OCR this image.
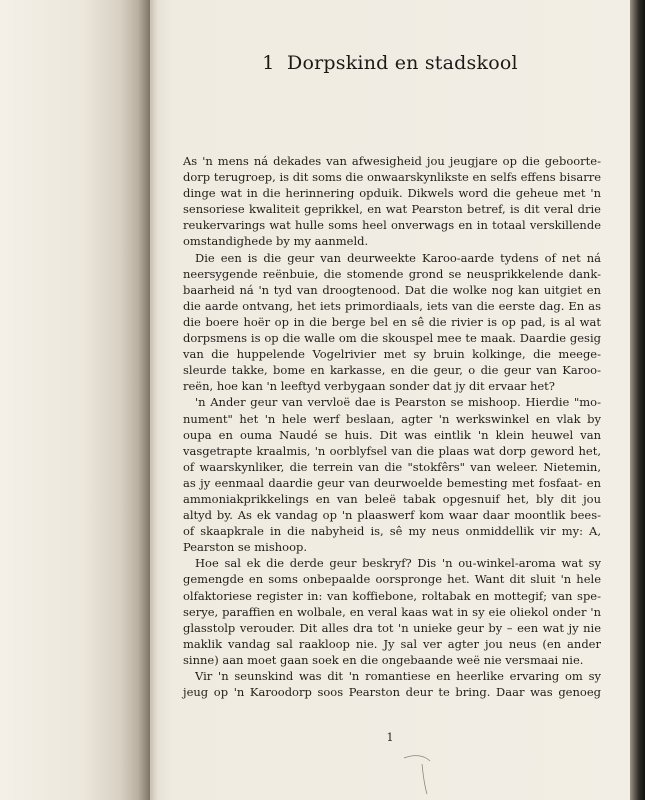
1 Dorpskind en stadskool
As 'n mens ná dekades van afwesigheid jou jeugjare op die geboorte-
dorp terugroep, is dit soms die onwaarskynlikste en selfs effens bisarre
dinge wat in die herinnering opduik. Dikwels word die geheue met 'n
sensoriese kwaliteit geprikkel, en wat Pearston betref, is dit veral drie
reukervarings wat hulle soms heel onverwags en in totaal verskillende
omstandighede by my aanmeld.
Die een is die geur van deurweekte Karoo-aarde tydens of net ná
neersygende reënbuie, die stomende grond se neusprikkelende dank-
baarheid ná 'n tyd van droogtenood. Dat die wolke nog kan uitgiet en
die aarde ontvang, het iets primordiaals, iets van die eerste dag. En as
die boere hoër op in die berge bel en sê die rivier is op pad, is al wat
dorpsmens is op die walle om die skouspel mee te maak. Daardie gesig
van die huppelende Vogelrivier met sy bruin kolkinge, die meege-
sleurde takke, bome en karkasse, en die geur, o die geur van Karoo-
reën, hoe kan 'n leeftyd verbygaan sonder dat jy dit ervaar het?
'n Ander geur van vervloë dae is Pearston se mishoop. Hierdie "mo-
nument" het 'n hele werf beslaan, agter 'n werkswinkel en vlak by
oupa en ouma Naudé se huis. Dit was eintlik 'n klein heuwel van
vasgetrapte kraalmis, 'n oorblyfsel van die plaas wat dorp geword het,
of waarskynliker, die terrein van die "stokfêrs" van weleer. Nietemin,
as jy eenmaal daardie geur van deurwoelde bemesting met fosfaat- en
ammoniakprikkelings en van beleë tabak opgesnuif het, bly dit jou
altyd by. As ek vandag op 'n plaaswerf kom waar daar moontlik bees-
of skaapkrale in die nabyheid is, sê my neus onmiddellik vir my: A,
Pearston se mishoop.
Hoe sal ek die derde geur beskryf? Dis 'n ou-winkel-aroma wat sy
gemengde en soms onbepaalde oorspronge het. Want dit sluit 'n hele
olfaktoriese register in: van koffiebone, roltabak en mottegif; van spe-
serye, paraffien en wolbale, en veral kaas wat in sy eie oliekol onder 'n
glasstolp verouder. Dit alles dra tot 'n unieke geur by – een wat jy nie
maklik vandag sal raakloop nie. Jy sal ver agter jou neus (en ander
sinne) aan moet gaan soek en die ongebaande weë nie versmaai nie.
Vir 'n seunskind was dit 'n romantiese en heerlike ervaring om sy
jeug op 'n Karoodorp soos Pearston deur te bring. Daar was genoeg
1
